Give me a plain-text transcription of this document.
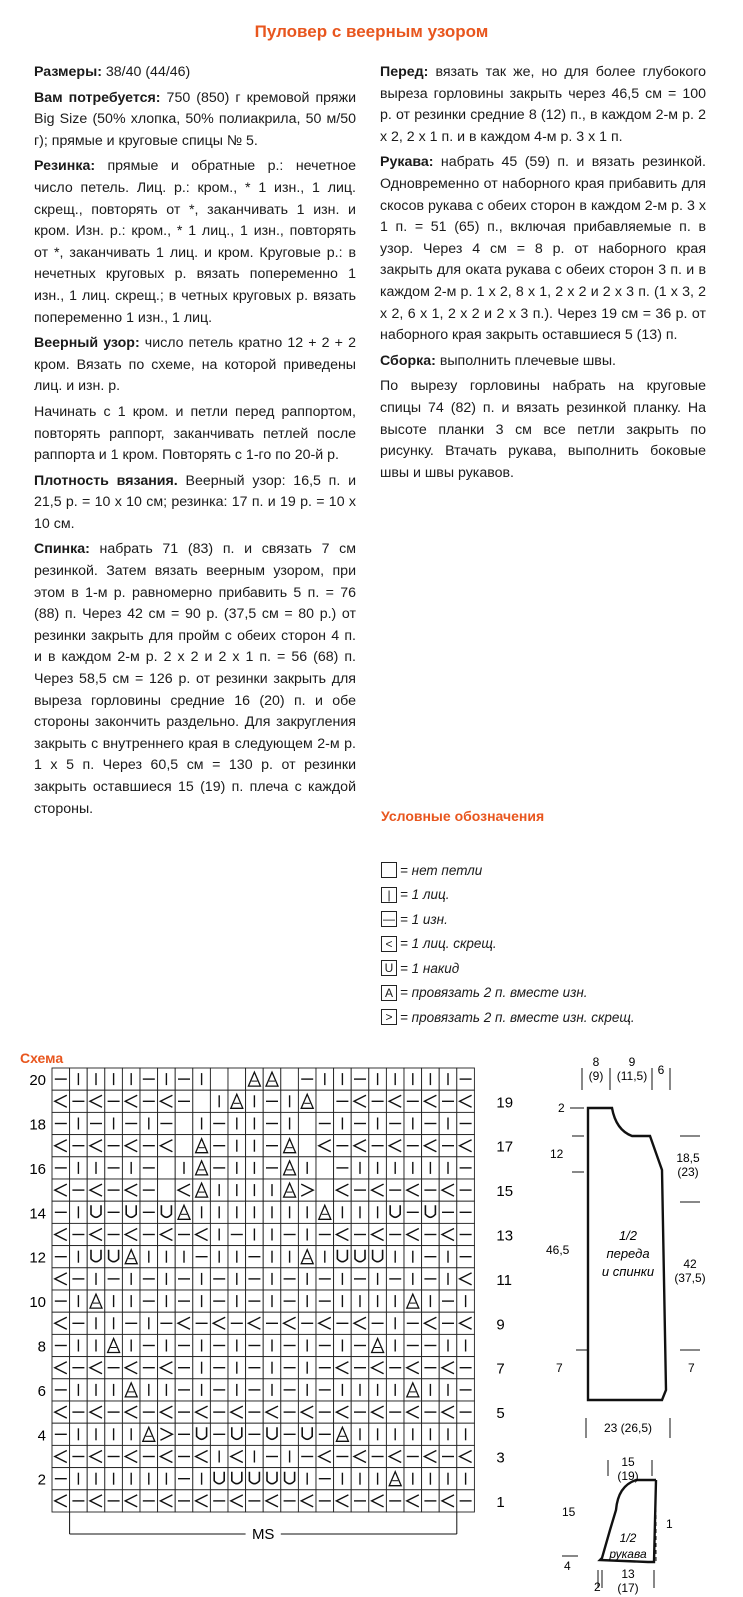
Пуловер с веерным узором

Размеры: 38/40 (44/46)

Вам потребуется: 750 (850) г кремовой пряжи Big Size (50% хлопка, 50% полиакрила, 50 м/50 г); прямые и круговые спицы № 5.

Резинка: прямые и обратные р.: нечетное число петель. Лиц. р.: кром., * 1 изн., 1 лиц. скрещ., повторять от *, заканчивать 1 изн. и кром. Изн. р.: кром., * 1 лиц., 1 изн., повторять от *, заканчивать 1 лиц. и кром. Круговые р.: в нечетных круговых р. вязать попеременно 1 изн., 1 лиц. скрещ.; в четных круговых р. вязать попеременно 1 изн., 1 лиц.

Веерный узор: число петель кратно 12 + 2 + 2 кром. Вязать по схеме, на которой приведены лиц. и изн. р.

Начинать с 1 кром. и петли перед раппортом, повторять раппорт, заканчивать петлей после раппорта и 1 кром. Повторять с 1-го по 20-й р.

Плотность вязания. Веерный узор: 16,5 п. и 21,5 р. = 10 х 10 см; резинка: 17 п. и 19 р. = 10 х 10 см.

Спинка: набрать 71 (83) п. и связать 7 см резинкой. Затем вязать веерным узором, при этом в 1-м р. равномерно прибавить 5 п. = 76 (88) п. Через 42 см = 90 р. (37,5 см = 80 р.) от резинки закрыть для пройм с обеих сторон 4 п. и в каждом 2-м р. 2 х 2 и 2 х 1 п. = 56 (68) п. Через 58,5 см = 126 р. от резинки закрыть для выреза горловины средние 16 (20) п. и обе стороны закончить раздельно. Для закругления закрыть с внутреннего края в следующем 2-м р. 1 х 5 п. Через 60,5 см = 130 р. от резинки закрыть оставшиеся 15 (19) п. плеча с каждой стороны.

Перед: вязать так же, но для более глубокого выреза горловины закрыть через 46,5 см = 100 р. от резинки средние 8 (12) п., в каждом 2-м р. 2 х 2, 2 х 1 п. и в каждом 4-м р. 3 х 1 п.

Рукава: набрать 45 (59) п. и вязать резинкой. Одновременно от наборного края прибавить для скосов рукава с обеих сторон в каждом 2-м р. 3 х 1 п. = 51 (65) п., включая прибавляемые п. в узор. Через 4 см = 8 р. от наборного края закрыть для оката рукава с обеих сторон 3 п. и в каждом 2-м р. 1 х 2, 8 х 1, 2 х 2 и 2 х 3 п. (1 х 3, 2 х 2, 6 х 1, 2 х 2 и 2 х 3 п.). Через 19 см = 36 р. от наборного края закрыть оставшиеся 5 (13) п.

Сборка: выполнить плечевые швы.

По вырезу горловины набрать на круговые спицы 74 (82) п. и вязать резинкой планку. На высоте планки 3 см все петли закрыть по рисунку. Втачать рукава, выполнить боковые швы и швы рукавов.

Условные обозначения
= нет петли
| = 1 лиц.
— = 1 изн.
< = 1 лиц. скрещ.
U = 1 накид
A = провязать 2 п. вместе изн.
> = провязать 2 п. вместе изн. скрещ.
Схема
20
18
16
14
12
10
8
6
4
2
19
17
15
13
11
9
7
5
3
1
MS
8
(9)
9
(11,5) 6
2
12
46,5
18,5
(23)
42
(37,5)
1/2
переда
и спинки
7	7
23 (26,5)
15
(19)
15
1
4
1/2
рукава
2
13
(17)
